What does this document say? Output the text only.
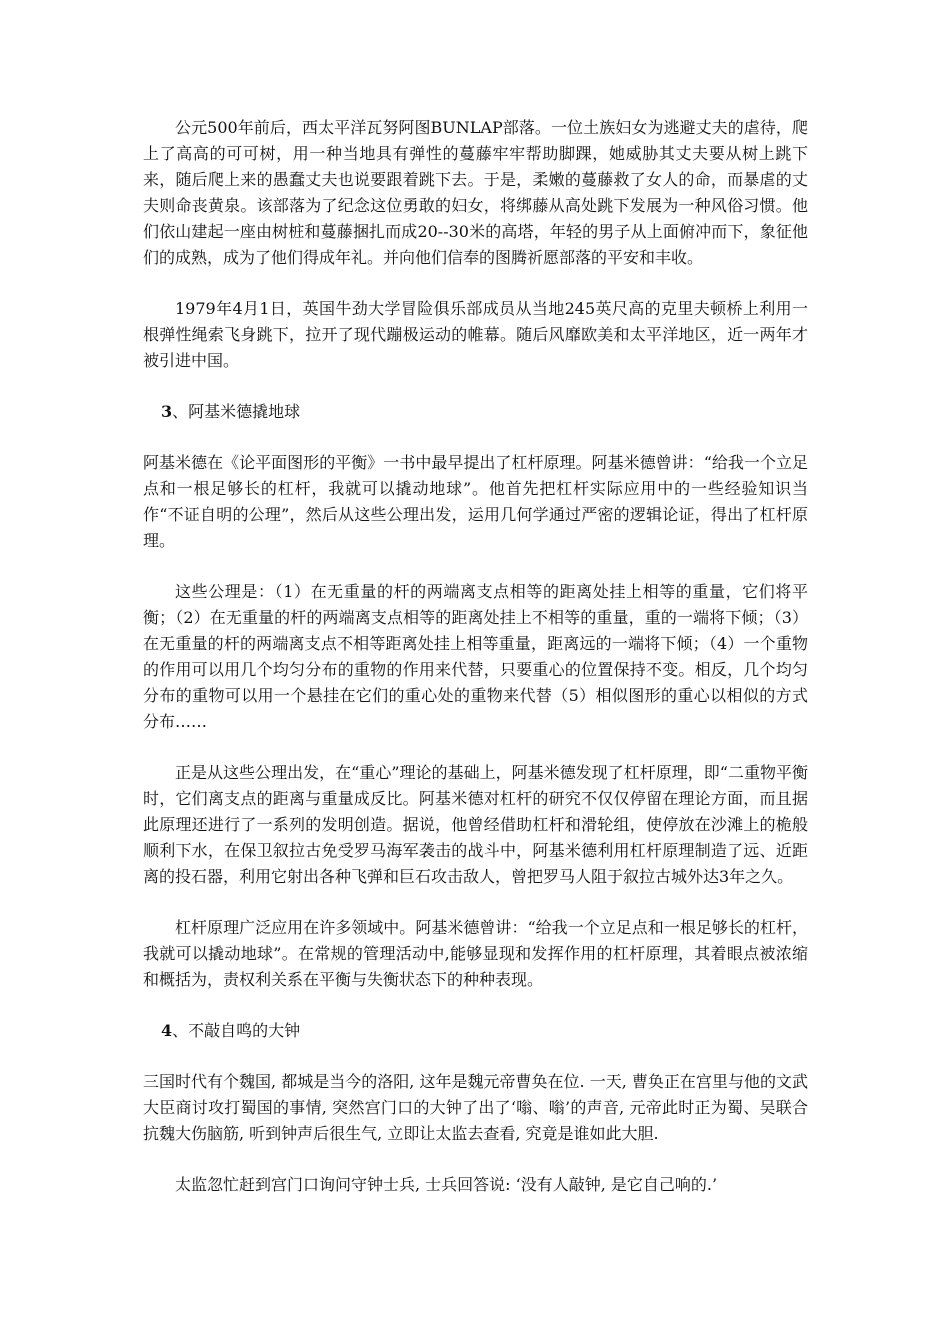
公元500年前后，西太平洋瓦努阿图BUNLAP部落。一位土族妇女为逃避丈夫的虐待，爬上了高高的可可树，用一种当地具有弹性的蔓藤牢牢帮助脚踝，她威胁其丈夫要从树上跳下来，随后爬上来的愚蠢丈夫也说要跟着跳下去。于是，柔嫩的蔓藤救了女人的命，而暴虐的丈夫则命丧黄泉。该部落为了纪念这位勇敢的妇女，将绑藤从高处跳下发展为一种风俗习惯。他们依山建起一座由树桩和蔓藤捆扎而成20--30米的高塔，年轻的男子从上面俯冲而下，象征他们的成熟，成为了他们得成年礼。并向他们信奉的图腾祈愿部落的平安和丰收。

1979年4月1日，英国牛劲大学冒险俱乐部成员从当地245英尺高的克里夫顿桥上利用一根弹性绳索飞身跳下，拉开了现代蹦极运动的帷幕。随后风靡欧美和太平洋地区，近一两年才被引进中国。

3、阿基米德撬地球

阿基米德在《论平面图形的平衡》一书中最早提出了杠杆原理。阿基米德曾讲：“给我一个立足点和一根足够长的杠杆，我就可以撬动地球”。他首先把杠杆实际应用中的一些经验知识当作“不证自明的公理”，然后从这些公理出发，运用几何学通过严密的逻辑论证，得出了杠杆原理。

这些公理是：（1）在无重量的杆的两端离支点相等的距离处挂上相等的重量，它们将平衡；（2）在无重量的杆的两端离支点相等的距离处挂上不相等的重量，重的一端将下倾；（3）在无重量的杆的两端离支点不相等距离处挂上相等重量，距离远的一端将下倾；（4）一个重物的作用可以用几个均匀分布的重物的作用来代替，只要重心的位置保持不变。相反，几个均匀分布的重物可以用一个悬挂在它们的重心处的重物来代替（5）相似图形的重心以相似的方式分布……

正是从这些公理出发，在“重心”理论的基础上，阿基米德发现了杠杆原理，即“二重物平衡时，它们离支点的距离与重量成反比。阿基米德对杠杆的研究不仅仅停留在理论方面，而且据此原理还进行了一系列的发明创造。据说，他曾经借助杠杆和滑轮组，使停放在沙滩上的桅般顺利下水，在保卫叙拉古免受罗马海军袭击的战斗中，阿基米德利用杠杆原理制造了远、近距离的投石器，利用它射出各种飞弹和巨石攻击敌人，曾把罗马人阻于叙拉古城外达3年之久。

杠杆原理广泛应用在许多领域中。阿基米德曾讲：“给我一个立足点和一根足够长的杠杆，我就可以撬动地球”。在常规的管理活动中,能够显现和发挥作用的杠杆原理，其着眼点被浓缩和概括为，责权利关系在平衡与失衡状态下的种种表现。

4、不敲自鸣的大钟

三国时代有个魏国, 都城是当今的洛阳, 这年是魏元帝曹奂在位. 一天, 曹奂正在宫里与他的文武大臣商讨攻打蜀国的事情, 突然宫门口的大钟了出了‘嗡、嗡’的声音, 元帝此时正为蜀、吴联合抗魏大伤脑筋, 听到钟声后很生气, 立即让太监去查看, 究竟是谁如此大胆.

太监忽忙赶到宫门口询问守钟士兵, 士兵回答说: ‘没有人敲钟, 是它自己响的.’
